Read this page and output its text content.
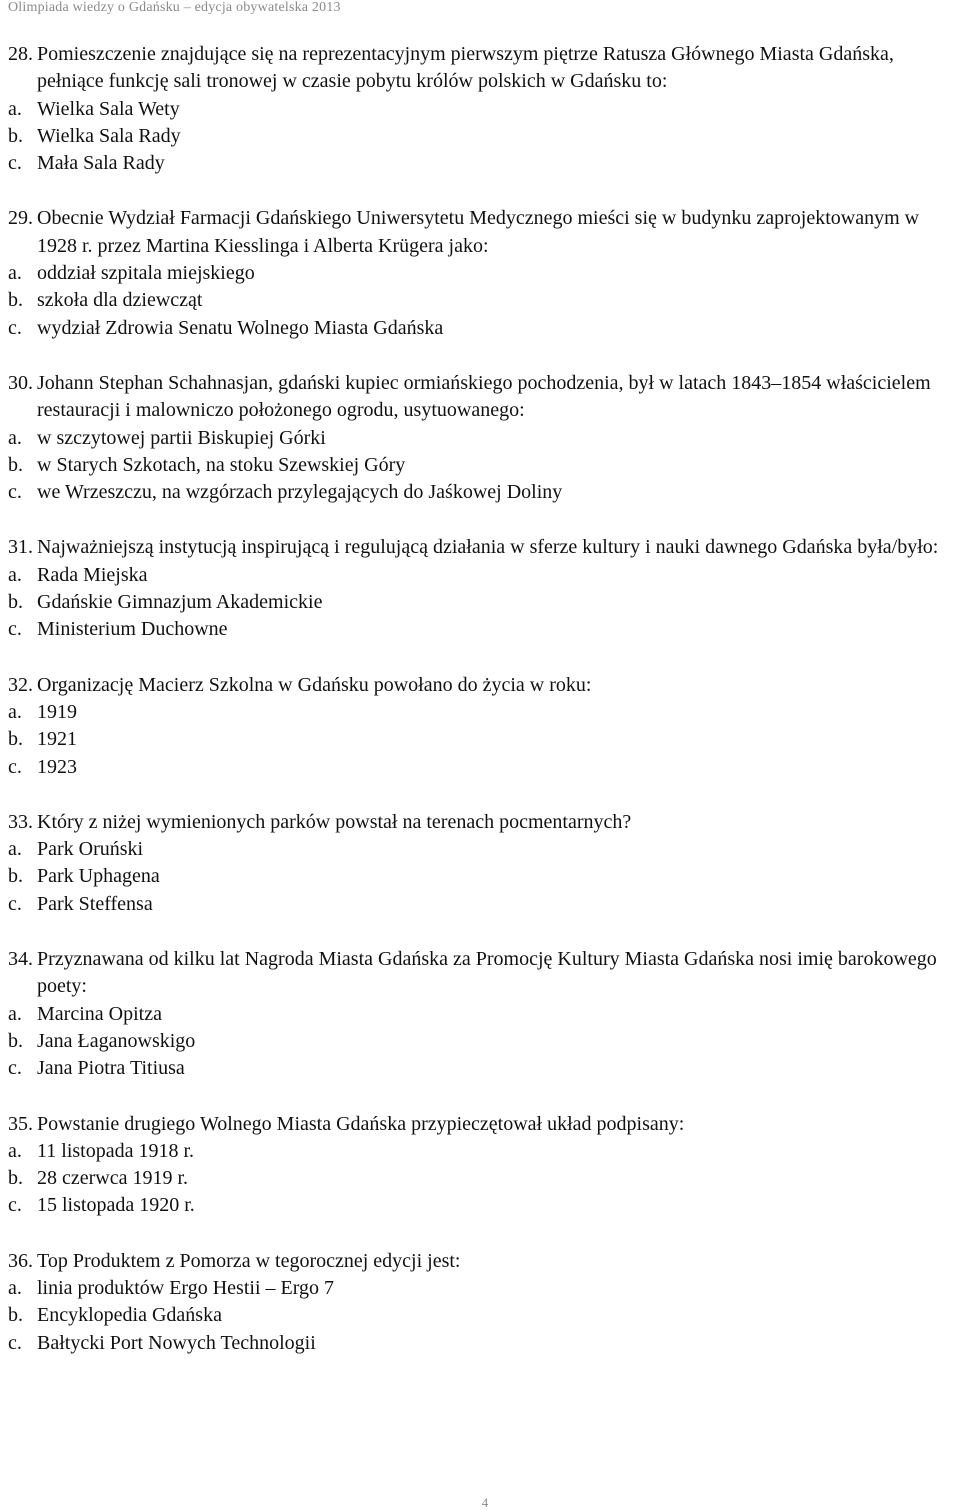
Olimpiada wiedzy o Gdańsku – edycja obywatelska 2013
28. Pomieszczenie znajdujące się na reprezentacyjnym pierwszym piętrze Ratusza Głównego Miasta Gdańska, pełniące funkcję sali tronowej w czasie pobytu królów polskich w Gdańsku to:
a. Wielka Sala Wety
b. Wielka Sala Rady
c. Mała Sala Rady
29. Obecnie Wydział Farmacji Gdańskiego Uniwersytetu Medycznego mieści się w budynku zaprojektowanym w 1928 r. przez Martina Kiesslinga i Alberta Krügera jako:
a. oddział szpitala miejskiego
b. szkoła dla dziewcząt
c. wydział Zdrowia Senatu Wolnego Miasta Gdańska
30. Johann Stephan Schahnasjan, gdański kupiec ormiańskiego pochodzenia, był w latach 1843–1854 właścicielem restauracji i malowniczo położonego ogrodu, usytuowanego:
a. w szczytowej partii Biskupiej Górki
b. w Starych Szkotach, na stoku Szewskiej Góry
c. we Wrzeszczu, na wzgórzach przylegających do Jaśkowej Doliny
31. Najważniejszą instytucją inspirującą i regulującą działania w sferze kultury i nauki dawnego Gdańska była/było:
a. Rada Miejska
b. Gdańskie Gimnazjum Akademickie
c. Ministerium Duchowne
32. Organizację Macierz Szkolna w Gdańsku powołano do życia w roku:
a. 1919
b. 1921
c. 1923
33. Który z niżej wymienionych parków powstał na terenach pocmentarnych?
a. Park Oruński
b. Park Uphagena
c. Park Steffensa
34. Przyznawana od kilku lat Nagroda Miasta Gdańska za Promocję Kultury Miasta Gdańska nosi imię barokowego poety:
a. Marcina Opitza
b. Jana Łaganowskigo
c. Jana Piotra Titiusa
35. Powstanie drugiego Wolnego Miasta Gdańska przypieczętował układ podpisany:
a. 11 listopada 1918 r.
b. 28 czerwca 1919 r.
c. 15 listopada 1920 r.
36. Top Produktem z Pomorza w tegorocznej edycji jest:
a. linia produktów Ergo Hestii – Ergo 7
b. Encyklopedia Gdańska
c. Bałtycki Port Nowych Technologii
4
